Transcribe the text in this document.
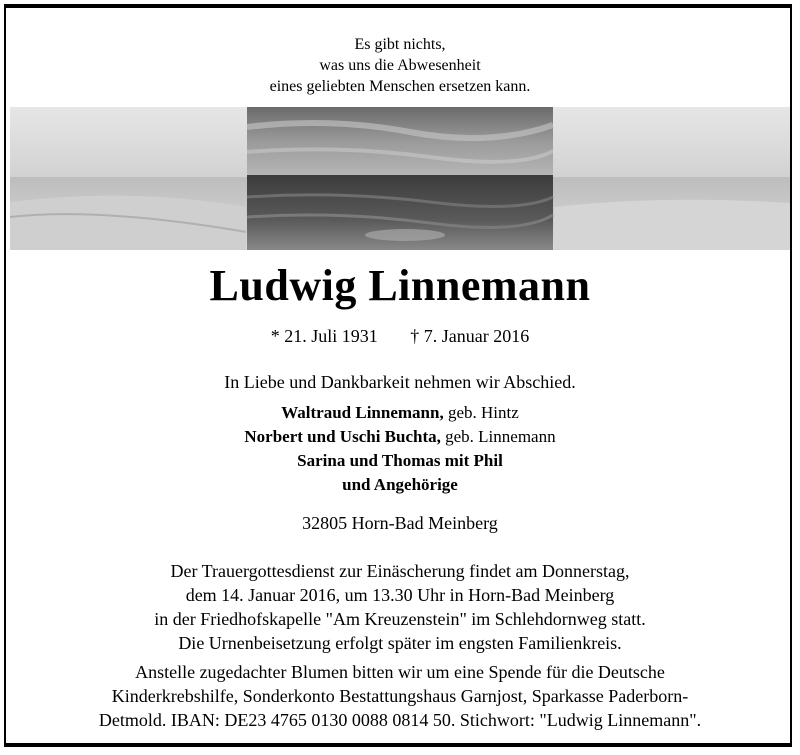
Es gibt nichts,
was uns die Abwesenheit
eines geliebten Menschen ersetzen kann.
Ludwig Linnemann
* 21. Juli 1931 † 7. Januar 2016
In Liebe und Dankbarkeit nehmen wir Abschied.
Waltraud Linnemann, geb. Hintz
Norbert und Uschi Buchta, geb. Linnemann
Sarina und Thomas mit Phil
und Angehörige
32805 Horn-Bad Meinberg
Der Trauergottesdienst zur Einäscherung findet am Donnerstag,
dem 14. Januar 2016, um 13.30 Uhr in Horn-Bad Meinberg
in der Friedhofskapelle "Am Kreuzenstein" im Schlehdornweg statt.
Die Urnenbeisetzung erfolgt später im engsten Familienkreis.
Anstelle zugedachter Blumen bitten wir um eine Spende für die Deutsche
Kinderkrebshilfe, Sonderkonto Bestattungshaus Garnjost, Sparkasse Paderborn-
Detmold. IBAN: DE23 4765 0130 0088 0814 50. Stichwort: "Ludwig Linnemann".
